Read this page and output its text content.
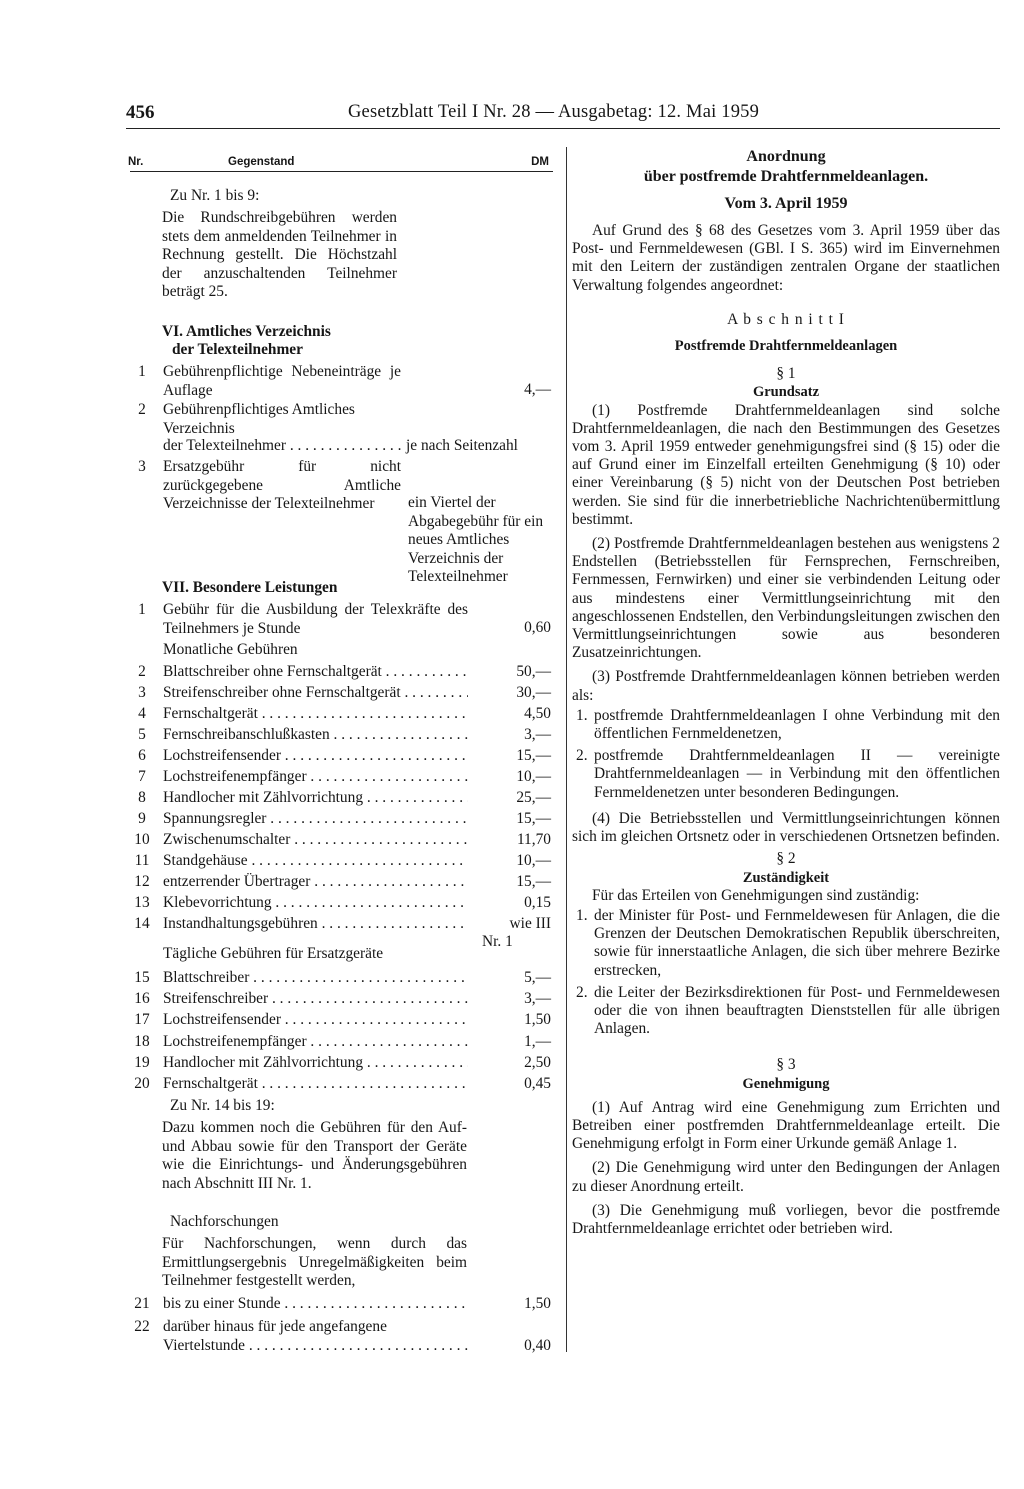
456	Gesetzblatt Teil I Nr. 28 — Ausgabetag: 12. Mai 1959
Nr.	Gegenstand	DM
Zu Nr. 1 bis 9:
Die Rundschreibgebühren werden stets dem anmeldenden Teilnehmer in Rechnung gestellt. Die Höchstzahl der anzuschaltenden Teilnehmer beträgt 25.
VI. Amtliches Verzeichnis
der Telexteilnehmer
1	Gebührenpflichtige Nebeneinträge je Auflage	4,—
2	Gebührenpflichtiges Amtliches Verzeichnis
der Telexteilnehmer . . .	je nach Seitenzahl
3	Ersatzgebühr für nicht zurückgegebene Amtliche Verzeichnisse der Telexteilnehmer	ein Viertel der Abgabegebühr für ein neues Amtliches Verzeichnis der Telexteilnehmer
VII. Besondere Leistungen
1	Gebühr für die Ausbildung der Telexkräfte des Teilnehmers je Stunde	0,60
Monatliche Gebühren
2	Blattschreiber ohne Fernschaltgerät . . .	50,—
3	Streifenschreiber ohne Fernschaltgerät . . .	30,—
4	Fernschaltgerät . . .	4,50
5	Fernschreibanschlußkasten . . .	3,—
6	Lochstreifensender . . .	15,—
7	Lochstreifenempfänger . . .	10,—
8	Handlocher mit Zählvorrichtung . . .	25,—
9	Spannungsregler . . .	15,—
10 Zwischenumschalter . . .	11,70
11 Standgehäuse . . .	10,—
12 entzerrender Übertrager . . .	15,—
13 Klebevorrichtung . . .	0,15
14 Instandhaltungsgebühren . . .	wie III
Nr. 1
Tägliche Gebühren für Ersatzgeräte
15 Blattschreiber . . .	5,—
16 Streifenschreiber . . .	3,—
17 Lochstreifensender . . .	1,50
18 Lochstreifenempfänger . . .	1,—
19 Handlocher mit Zählvorrichtung . . .	2,50
20 Fernschaltgerät . . .	0,45
Zu Nr. 14 bis 19:
Dazu kommen noch die Gebühren für den Auf- und Abbau sowie für den Transport der Geräte wie die Einrichtungs- und Änderungsgebühren nach Abschnitt III Nr. 1.
Nachforschungen
Für Nachforschungen, wenn durch das Ermittlungsergebnis Unregelmäßigkeiten beim Teilnehmer festgestellt werden,
21 bis zu einer Stunde . . .	1,50
22 darüber hinaus für jede angefangene
Viertelstunde . . .	0,40
Anordnung
über postfremde Drahtfernmeldeanlagen.
Vom 3. April 1959

Auf Grund des § 68 des Gesetzes vom 3. April 1959 über das Post- und Fernmeldewesen (GBl. I S. 365) wird im Einvernehmen mit den Leitern der zuständigen zentralen Organe der staatlichen Verwaltung folgendes angeordnet:

A b s c h n i t t I
Postfremde Drahtfernmeldeanlagen
§ 1
Grundsatz

(1) Postfremde Drahtfernmeldeanlagen sind solche Drahtfernmeldeanlagen, die nach den Bestimmungen des Gesetzes vom 3. April 1959 entweder genehmigungsfrei sind (§ 15) oder die auf Grund einer im Einzelfall erteilten Genehmigung (§ 10) oder einer Vereinbarung (§ 5) nicht von der Deutschen Post betrieben werden. Sie sind für die innerbetriebliche Nachrichtenübermittlung bestimmt.

(2) Postfremde Drahtfernmeldeanlagen bestehen aus wenigstens 2 Endstellen (Betriebsstellen für Fernsprechen, Fernschreiben, Fernmessen, Fernwirken) und einer sie verbindenden Leitung oder aus mindestens einer Vermittlungseinrichtung mit den angeschlossenen Endstellen, den Verbindungsleitungen zwischen den Vermittlungseinrichtungen sowie aus besonderen Zusatzeinrichtungen.

(3) Postfremde Drahtfernmeldeanlagen können betrieben werden als:

1. postfremde Drahtfernmeldeanlagen I ohne Verbindung mit den öffentlichen Fernmeldenetzen,
2. postfremde Drahtfernmeldeanlagen II — vereinigte Drahtfernmeldeanlagen — in Verbindung mit den öffentlichen Fernmeldenetzen unter besonderen Bedingungen.

(4) Die Betriebsstellen und Vermittlungseinrichtungen können sich im gleichen Ortsnetz oder in verschiedenen Ortsnetzen befinden.

§ 2
Zuständigkeit

Für das Erteilen von Genehmigungen sind zuständig:

1. der Minister für Post- und Fernmeldewesen für Anlagen, die die Grenzen der Deutschen Demokratischen Republik überschreiten, sowie für innerstaatliche Anlagen, die sich über mehrere Bezirke erstrecken,
2. die Leiter der Bezirksdirektionen für Post- und Fernmeldewesen oder die von ihnen beauftragten Dienststellen für alle übrigen Anlagen.
§ 3
Genehmigung

(1) Auf Antrag wird eine Genehmigung zum Errichten und Betreiben einer postfremden Drahtfernmeldeanlage erteilt. Die Genehmigung erfolgt in Form einer Urkunde gemäß Anlage 1.

(2) Die Genehmigung wird unter den Bedingungen der Anlagen zu dieser Anordnung erteilt.

(3) Die Genehmigung muß vorliegen, bevor die postfremde Drahtfernmeldeanlage errichtet oder betrieben wird.
